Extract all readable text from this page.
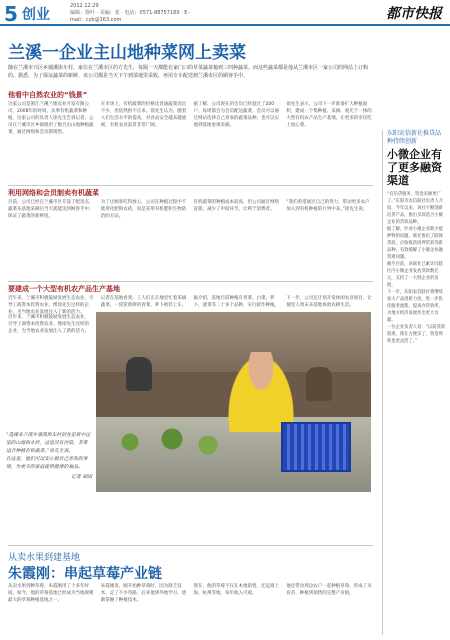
5 创业
2012.12.29
编辑：徐叶 · 美编：张 · 电话：0571-88757189 · E-mail：cyb@163.com	都市快报
兰溪一企业主山地种菜网上卖菜
随在兰溪市兴区乡墙溪街车村，家住在兰溪市区的方先生，每隔一天都能在家门口的草菜蔬菜葡到三四种蔬菜。而这些蔬菜都是他从兰溪市区一家公司的网站上订购的。据悉，为了保证蔬菜的新鲜，该公司都是当天下午到菜地里采收，再用专车配送到兰溪市区的顾客手中。
他看中自然农业的“钱景”
这家公司是浙江兰溪兰地农业开发有限公司，2008年的时间，从事有机蔬菜和种植，这家公司的负责人徐先生告诉记者，公司在兰溪市区乡镇租用了数百亩山地种植蔬菜，通过网络和会员制销售。
在市场上，有机蔬菜的价格比普通蔬菜高出不少，但依然供不应求。徐先生认为，随着人们生活水平的提高，对食品安全越来越重视，有机农业前景非常广阔。
据了解，公司现在的会员已经超过了200户，每周都会为会员配送蔬菜。会员可以通过网站选择自己喜欢的蔬菜品种，也可以实地到基地参观采摘。
徐先生表示，公司下一步准备扩大种植面积，建成一个集种植、采摘、观光于一体的大型有机农产品生产基地，让更多的市民吃上放心菜。
利用网络和会员制卖有机蔬菜
目前，公司已经在兰溪市区开设了配送点，蔬菜从基地采摘后当天就能送到顾客手中，保证了蔬菜的新鲜度。
为了让顾客吃得放心，公司在种植过程中不使用化肥和农药，而是采用有机肥和生物防治的方法。
有机蔬菜的种植成本较高，但公司通过网络直销，减少了中间环节，让利于消费者。
“我们希望通过自己的努力，带动更多农户加入到有机种植的行列中来。”徐先生说。
要建成一个大型有机农产品生产基地
近年来，兰溪市积极鼓励发展生态农业，引导工商资本投资农业。像徐先生这样的企业，为当地农业发展注入了新的活力。
记者在基地看到，工人们正在地里忙着采摘蔬菜，一筐筐新鲜的青菜、萝卜被装上车。
据介绍，基地目前种植有青菜、白菜、萝卜、菠菜等二十多个品种，实行轮作种植。
下一步，公司还计划开发休闲农业项目，让城里人周末来基地体验农耕生活。
近年来，兰溪市积极鼓励发展生态农业，引导工商资本投资农业。像徐先生这样的企业，为当地农业发展注入了新的活力。
“选择来兰溪乡墙溪街车村创业是看中这里的山地和水质，这里没有污染，非常适合种植有机蔬菜。”徐先生说。
在这里，他们可以安心做自己喜欢的事情，为更多的家庭提供健康的食品。
记者 胡国
从卖水果到建基地
朱霞刚：串起草莓产业链
从卖水果到种草莓，朱霞刚用了十多年时间。如今，他的草莓基地已经成为当地规模最大的草莓种植基地之一。
朱霞刚说，刚开始种草莓时，因为缺乏技术，走了不少弯路。后来他到外地学习，逐渐掌握了种植技术。
现在，他的草莓不仅在本地销售，还远销上海、杭州等地，每年收入可观。
他还带动周边农户一起种植草莓，形成了从育苗、种植到销售的完整产业链。
东阳农信新社推贷品种持续创新
小微企业有了更多融资渠道
“有信贷服务，资金来源更广了。”东阳市农信联社负责人介绍，今年以来，该社不断创新信贷产品，推出多款适合小微企业的贷款品种。
据了解，针对小微企业缺少抵押物的问题，联社推出了联保贷款、应收账款质押贷款等新品种，有效缓解了小微企业融资难问题。
截至目前，该联社已累计向辖区内小微企业发放贷款数亿元，支持了一大批企业的发展。
下一步，东阳农信联社将继续加大产品创新力度，进一步优化服务流程，提高办贷效率，为地方经济发展作出更大贡献。
一位企业负责人说：“以前贷款很难，现在方便多了，资金周转也更灵活了。”
